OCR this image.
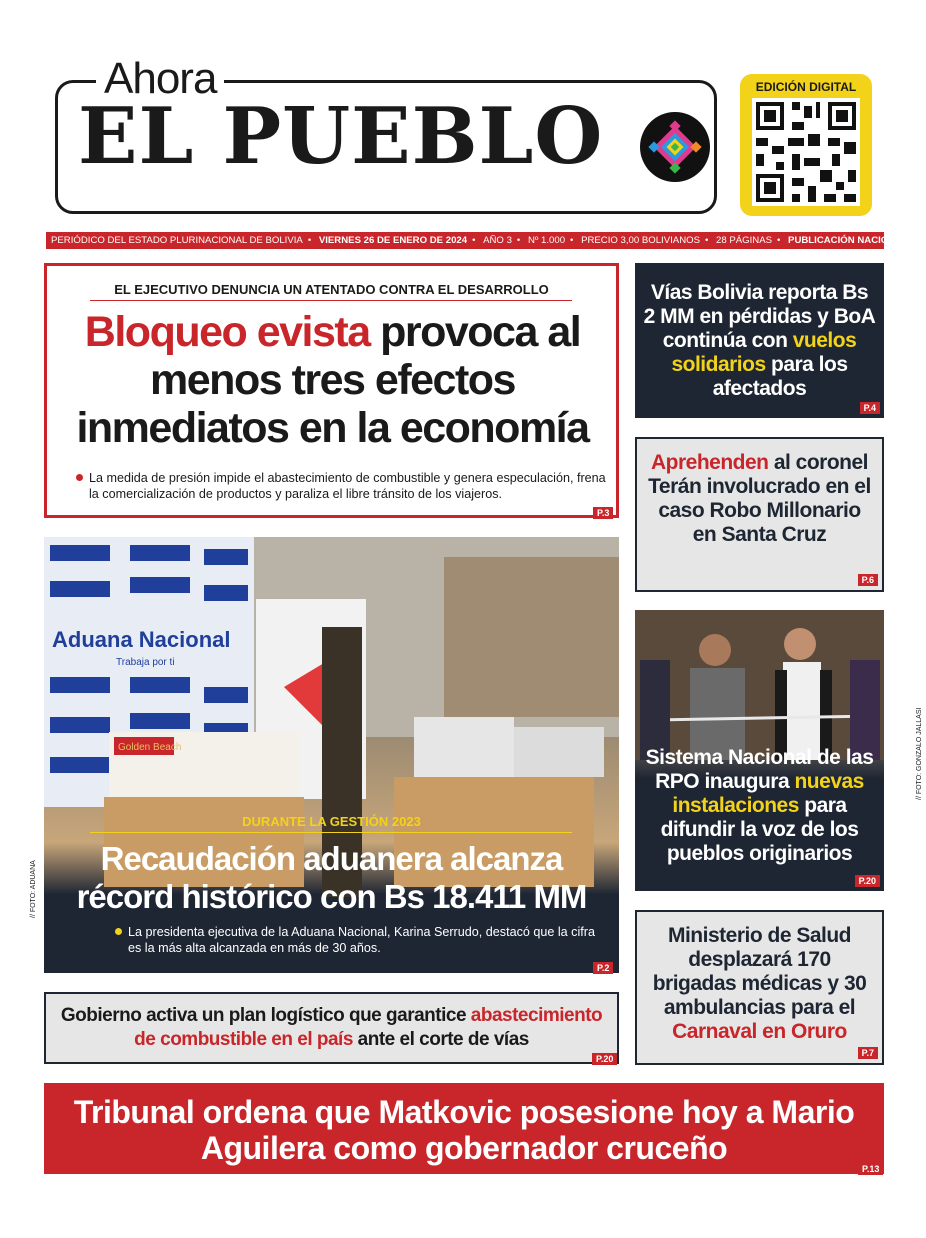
Ahora
EL PUEBLO
EDICIÓN DIGITAL
PERIÓDICO DEL ESTADO PLURINACIONAL DE BOLIVIA • VIERNES 26 DE ENERO DE 2024 • AÑO 3 • Nº 1.000 • PRECIO 3,00 BOLIVIANOS • 28 PÁGINAS • PUBLICACIÓN NACIONAL
EL EJECUTIVO DENUNCIA UN ATENTADO CONTRA EL DESARROLLO
Bloqueo evista provoca al menos tres efectos inmediatos en la economía
La medida de presión impide el abastecimiento de combustible y genera especulación, frena la comercialización de productos y paraliza el libre tránsito de los viajeros.
P.3
Aduana Nacional
Trabaja por ti
Golden Beach
DURANTE LA GESTIÓN 2023
Recaudación aduanera alcanza récord histórico con Bs 18.411 MM
La presidenta ejecutiva de la Aduana Nacional, Karina Serrudo, destacó que la cifra es la más alta alcanzada en más de 30 años.
P.2
// FOTO: ADUANA
Vías Bolivia reporta Bs 2 MM en pérdidas y BoA continúa con vuelos solidarios para los afectados
P.4
Aprehenden al coronel Terán involucrado en el caso Robo Millonario en Santa Cruz
P.6
Sistema Nacional de las RPO inaugura nuevas instalaciones para difundir la voz de los pueblos originarios
P.20
// FOTO: GONZALO JALLASI
Ministerio de Salud desplazará 170 brigadas médicas y 30 ambulancias para el Carnaval en Oruro
P.7
Gobierno activa un plan logístico que garantice abastecimiento de combustible en el país ante el corte de vías
P.20
Tribunal ordena que Matkovic posesione hoy a Mario Aguilera como gobernador cruceño
P.13
